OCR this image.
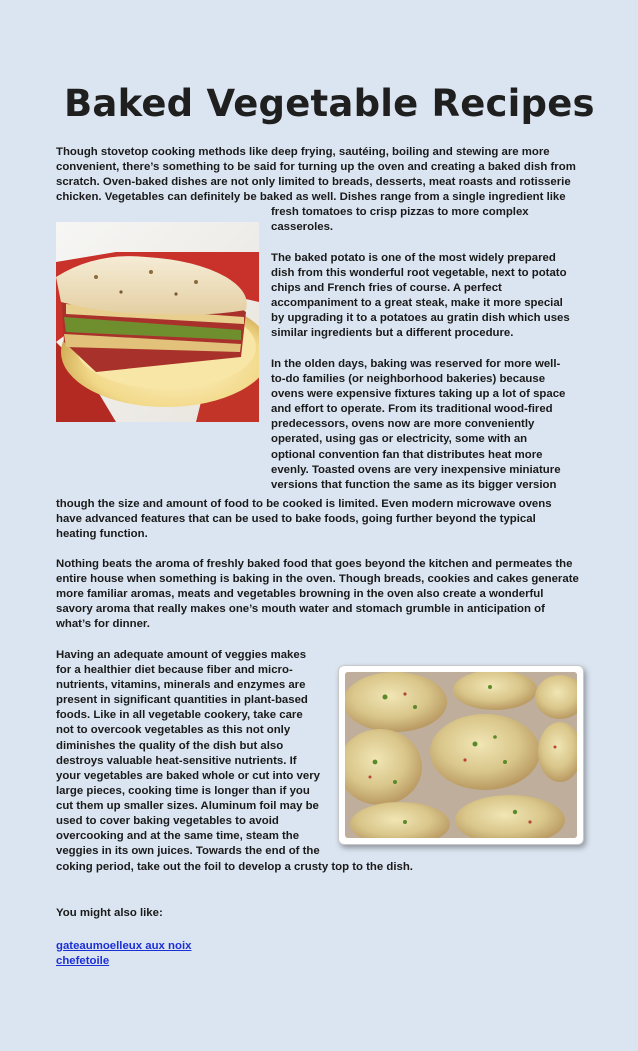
Baked Vegetable Recipes
Though stovetop cooking methods like deep frying, sautéing, boiling and stewing are more
convenient, there’s something to be said for turning up the oven and creating a baked dish from
scratch. Oven-baked dishes are not only limited to breads, desserts, meat roasts and rotisserie
chicken. Vegetables can definitely be baked as well. Dishes range from a single ingredient like
fresh tomatoes to crisp pizzas to more complex
casseroles.
The baked potato is one of the most widely prepared
dish from this wonderful root vegetable, next to potato
chips and French fries of course. A perfect
accompaniment to a great steak, make it more special
by upgrading it to a potatoes au gratin dish which uses
similar ingredients but a different procedure.
In the olden days, baking was reserved for more well-
to-do families (or neighborhood bakeries) because
ovens were expensive fixtures taking up a lot of space
and effort to operate. From its traditional wood-fired
predecessors, ovens now are more conveniently
operated, using gas or electricity, some with an
optional convention fan that distributes heat more
evenly. Toasted ovens are very inexpensive miniature
versions that function the same as its bigger version
though the size and amount of food to be cooked is limited. Even modern microwave ovens
have advanced features that can be used to bake foods, going further beyond the typical
heating function.
Nothing beats the aroma of freshly baked food that goes beyond the kitchen and permeates the
entire house when something is baking in the oven. Though breads, cookies and cakes generate
more familiar aromas, meats and vegetables browning in the oven also create a wonderful
savory aroma that really makes one’s mouth water and stomach grumble in anticipation of
what’s for dinner.
Having an adequate amount of veggies makes
for a healthier diet because fiber and micro-
nutrients, vitamins, minerals and enzymes are
present in significant quantities in plant-based
foods. Like in all vegetable cookery, take care
not to overcook vegetables as this not only
diminishes the quality of the dish but also
destroys valuable heat-sensitive nutrients. If
your vegetables are baked whole or cut into very
large pieces, cooking time is longer than if you
cut them up smaller sizes. Aluminum foil may be
used to cover baking vegetables to avoid
overcooking and at the same time, steam the
veggies in its own juices. Towards the end of the
coking period, take out the foil to develop a crusty top to the dish.
You might also like:
gateaumoelleux aux noix
chefetoile
